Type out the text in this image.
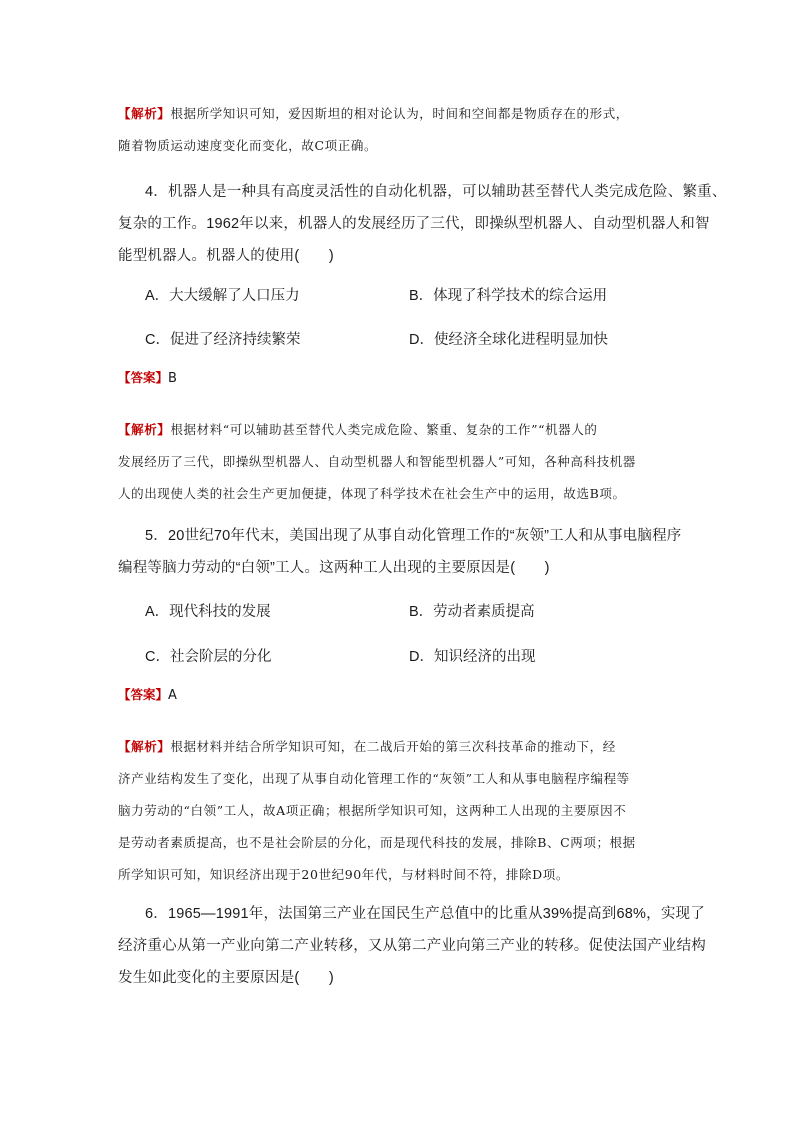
【解析】根据所学知识可知，爱因斯坦的相对论认为，时间和空间都是物质存在的形式，
随着物质运动速度变化而变化，故C项正确。
4．机器人是一种具有高度灵活性的自动化机器，可以辅助甚至替代人类完成危险、繁重、
复杂的工作。1962年以来，机器人的发展经历了三代，即操纵型机器人、自动型机器人和智
能型机器人。机器人的使用(　　)
A．大大缓解了人口压力	B．体现了科学技术的综合运用
C．促进了经济持续繁荣	D．使经济全球化进程明显加快
【答案】B
【解析】根据材料“可以辅助甚至替代人类完成危险、繁重、复杂的工作”“机器人的
发展经历了三代，即操纵型机器人、自动型机器人和智能型机器人”可知，各种高科技机器
人的出现使人类的社会生产更加便捷，体现了科学技术在社会生产中的运用，故选B项。
5．20世纪70年代末，美国出现了从事自动化管理工作的“灰领”工人和从事电脑程序
编程等脑力劳动的“白领”工人。这两种工人出现的主要原因是(　　)
A．现代科技的发展	B．劳动者素质提高
C．社会阶层的分化	D．知识经济的出现
【答案】A
【解析】根据材料并结合所学知识可知，在二战后开始的第三次科技革命的推动下，经
济产业结构发生了变化，出现了从事自动化管理工作的“灰领”工人和从事电脑程序编程等
脑力劳动的“白领”工人，故A项正确；根据所学知识可知，这两种工人出现的主要原因不
是劳动者素质提高，也不是社会阶层的分化，而是现代科技的发展，排除B、C两项；根据
所学知识可知，知识经济出现于20世纪90年代，与材料时间不符，排除D项。
6．1965—1991年，法国第三产业在国民生产总值中的比重从39%提高到68%，实现了
经济重心从第一产业向第二产业转移，又从第二产业向第三产业的转移。促使法国产业结构
发生如此变化的主要原因是(　　)
